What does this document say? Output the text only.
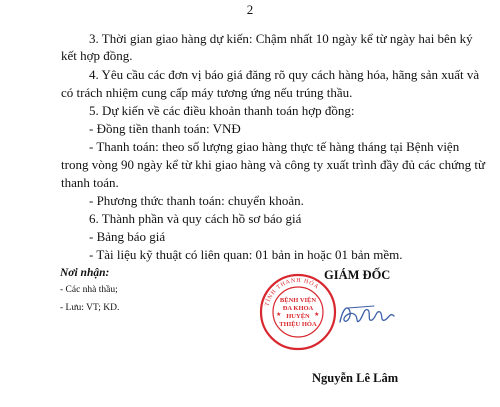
2
3. Thời gian giao hàng dự kiến: Chậm nhất 10 ngày kể từ ngày hai bên ký
kết hợp đồng.
4. Yêu cầu các đơn vị báo giá đăng rõ quy cách hàng hóa, hãng sản xuất và
có trách nhiệm cung cấp máy tương ứng nếu trúng thầu.
5. Dự kiến về các điều khoản thanh toán hợp đồng:
- Đồng tiền thanh toán: VNĐ
- Thanh toán: theo số lượng giao hàng thực tế hàng tháng tại Bệnh viện
trong vòng 90 ngày kể từ khi giao hàng và công ty xuất trình đầy đủ các chứng từ
thanh toán.
- Phương thức thanh toán: chuyển khoản.
6. Thành phần và quy cách hồ sơ báo giá
- Bảng báo giá
- Tài liệu kỹ thuật có liên quan: 01 bản in hoặc 01 bản mềm.
Nơi nhận:
- Các nhà thầu;
- Lưu: VT; KD.
GIÁM ĐỐC
TỈNH THANH HÓA
BỆNH VIỆN
ĐA KHOA
HUYỆN
THIỆU HÓA
★	★
Nguyễn Lê Lâm
